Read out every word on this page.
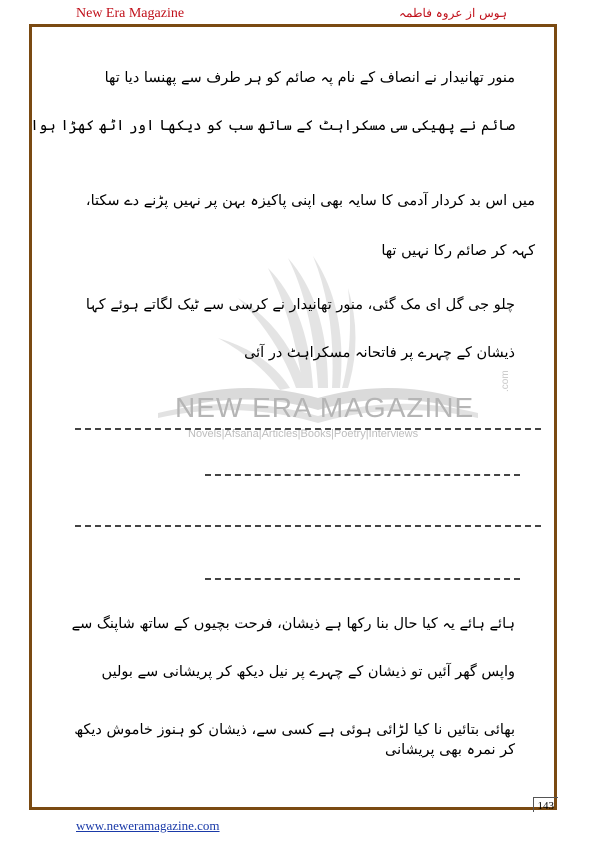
New Era Magazine	ہوس از عروہ فاطمہ
NEW ERA MAGAZINE
Novels|Afsana|Articles|Books|Poetry|Interviews
.com
منور تھانیدار نے انصاف کے نام پہ صائم کو ہر طرف سے پھنسا دیا تھا
صائم نے پھیکی سی مسکراہٹ کے ساتھ سب کو دیکھا اور اٹھ کھڑا ہوا
میں اس بد کردار آدمی کا سایہ بھی اپنی پاکیزہ بہن پر نہیں پڑنے دے سکتا، کہہ کر صائم رکا نہیں تھا
چلو جی گل ای مک گئی، منور تھانیدار نے کرسی سے ٹیک لگاتے ہوئے کہا
ذیشان کے چہرے پر فاتحانہ مسکراہٹ در آئی
ہائے ہائے یہ کیا حال بنا رکھا ہے ذیشان، فرحت بچیوں کے ساتھ شاپنگ سے واپس گھر آئیں تو ذیشان کے چہرے پر نیل دیکھ کر پریشانی سے بولیں
بھائی بتائیں نا کیا لڑائی ہوئی ہے کسی سے، ذیشان کو ہنوز خاموش دیکھ کر نمرہ بھی پریشانی
143
www.neweramagazine.com
